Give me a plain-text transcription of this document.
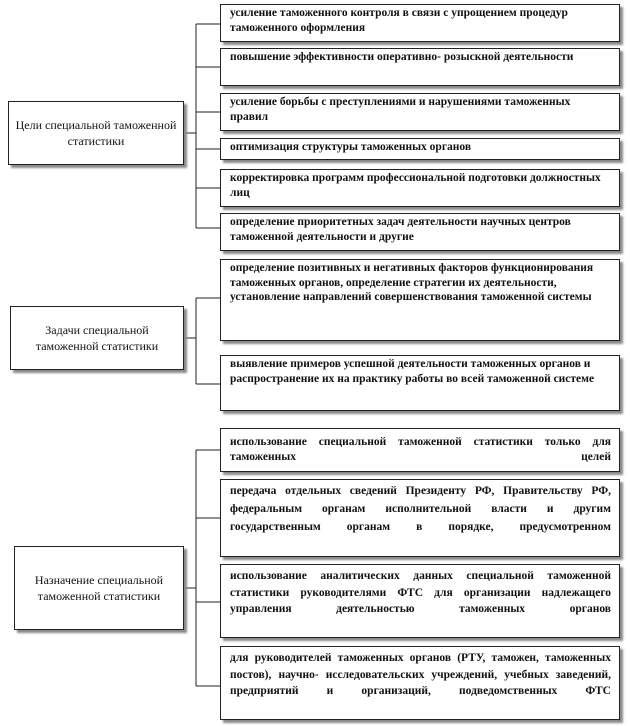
Цели специальной таможенной статистики
Задачи специальной таможенной статистики
Назначение специальной таможенной статистики
усиление таможенного контроля в связи с упрощением процедур таможенного оформления
повышение эффективности оперативно- розыскной деятельности
усиление борьбы с преступлениями и нарушениями таможенных правил
оптимизация структуры таможенных органов
корректировка программ профессиональной подготовки должностных лиц
определение приоритетных задач деятельности научных центров таможенной деятельности и другие
определение позитивных и негативных факторов функционирования таможенных органов, определение стратегии их деятельности, установление направлений совершенствования таможенной системы
выявление примеров успешной деятельности таможенных органов и распространение их на практику работы во всей таможенной системе
использование специальной таможенной статистики только для таможенных целей
передача отдельных сведений Президенту РФ, Правительству РФ, федеральным органам исполнительной власти и другим государственным органам в порядке, предусмотренном
использование аналитических данных специальной таможенной статистики руководителями ФТС для организации надлежащего управления деятельностью таможенных органов
для руководителей таможенных органов (РТУ, таможен, таможенных постов), научно- исследовательских учреждений, учебных заведений, предприятий и организаций, подведомственных ФТС
